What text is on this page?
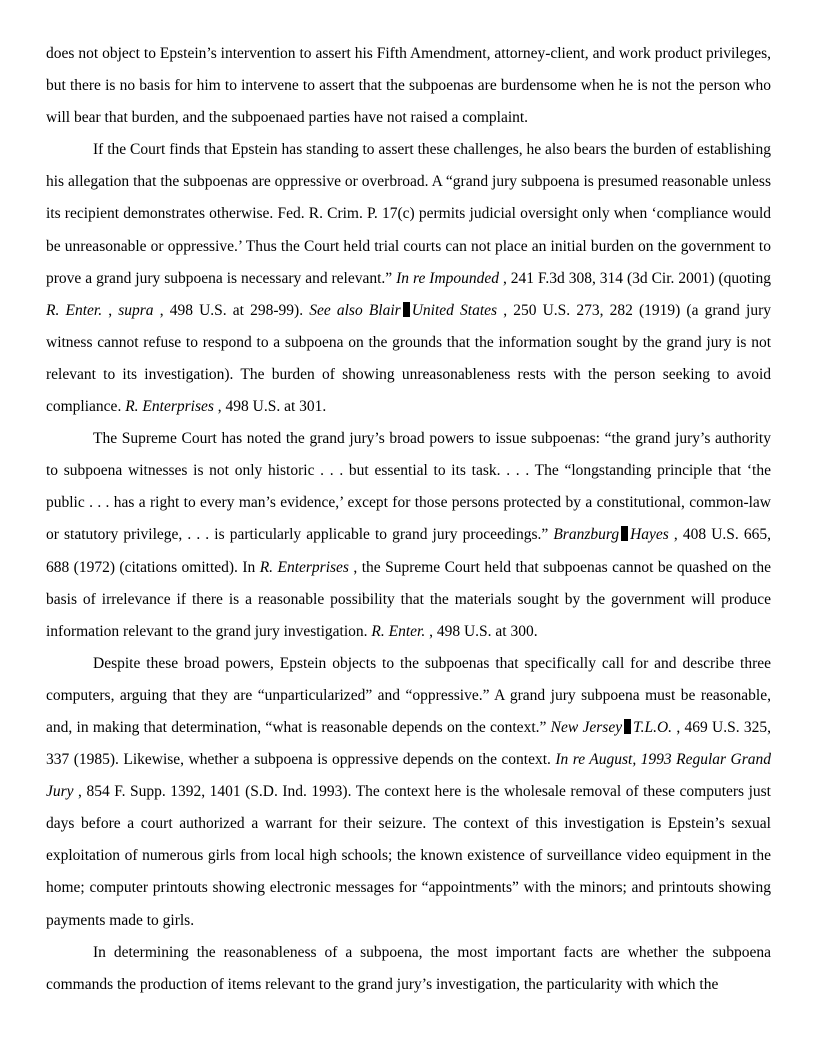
does not object to Epstein’s intervention to assert his Fifth Amendment, attorney-client, and work product privileges, but there is no basis for him to intervene to assert that the subpoenas are burdensome when he is not the person who will bear that burden, and the subpoenaed parties have not raised a complaint.

If the Court finds that Epstein has standing to assert these challenges, he also bears the burden of establishing his allegation that the subpoenas are oppressive or overbroad. A “grand jury subpoena is presumed reasonable unless its recipient demonstrates otherwise. Fed. R. Crim. P. 17(c) permits judicial oversight only when ‘compliance would be unreasonable or oppressive.’ Thus the Court held trial courts can not place an initial burden on the government to prove a grand jury subpoena is necessary and relevant.” In re Impounded , 241 F.3d 308, 314 (3d Cir. 2001) (quoting R. Enter. , supra , 498 U.S. at 298-99). See also Blair United States , 250 U.S. 273, 282 (1919) (a grand jury witness cannot refuse to respond to a subpoena on the grounds that the information sought by the grand jury is not relevant to its investigation). The burden of showing unreasonableness rests with the person seeking to avoid compliance. R. Enterprises , 498 U.S. at 301.

The Supreme Court has noted the grand jury’s broad powers to issue subpoenas: “the grand jury’s authority to subpoena witnesses is not only historic . . . but essential to its task. . . . The “longstanding principle that ‘the public . . . has a right to every man’s evidence,’ except for those persons protected by a constitutional, common-law or statutory privilege, . . . is particularly applicable to grand jury proceedings.” Branzburg Hayes , 408 U.S. 665, 688 (1972) (citations omitted). In R. Enterprises , the Supreme Court held that subpoenas cannot be quashed on the basis of irrelevance if there is a reasonable possibility that the materials sought by the government will produce information relevant to the grand jury investigation. R. Enter. , 498 U.S. at 300.

Despite these broad powers, Epstein objects to the subpoenas that specifically call for and describe three computers, arguing that they are “unparticularized” and “oppressive.” A grand jury subpoena must be reasonable, and, in making that determination, “what is reasonable depends on the context.” New Jersey T.L.O. , 469 U.S. 325, 337 (1985). Likewise, whether a subpoena is oppressive depends on the context. In re August, 1993 Regular Grand Jury , 854 F. Supp. 1392, 1401 (S.D. Ind. 1993). The context here is the wholesale removal of these computers just days before a court authorized a warrant for their seizure. The context of this investigation is Epstein’s sexual exploitation of numerous girls from local high schools; the known existence of surveillance video equipment in the home; computer printouts showing electronic messages for “appointments” with the minors; and printouts showing payments made to girls.

In determining the reasonableness of a subpoena, the most important facts are whether the subpoena commands the production of items relevant to the grand jury’s investigation, the particularity with which the
